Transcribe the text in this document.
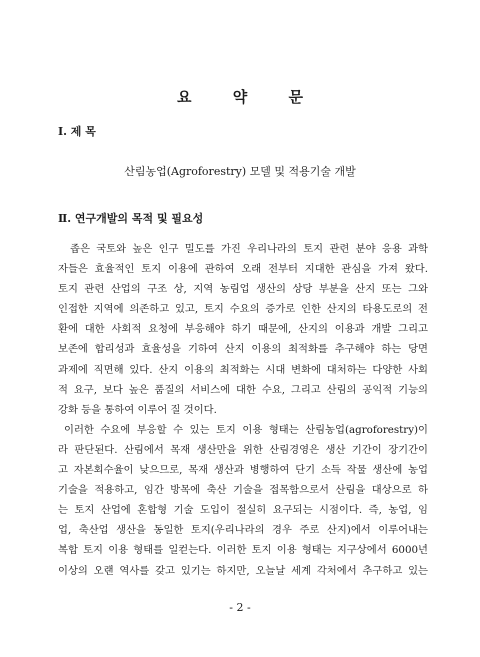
요 약 문
Ⅰ. 제 목
산림농업(Agroforestry) 모델 및 적용기술 개발
Ⅱ. 연구개발의 목적 및 필요성
좁은 국토와 높은 인구 밀도를 가진 우리나라의 토지 관련 분야 응용 과학
자들은 효율적인 토지 이용에 관하여 오래 전부터 지대한 관심을 가져 왔다.
토지 관련 산업의 구조 상, 지역 농림업 생산의 상당 부분을 산지 또는 그와
인접한 지역에 의존하고 있고, 토지 수요의 증가로 인한 산지의 타용도로의 전
환에 대한 사회적 요청에 부응해야 하기 때문에, 산지의 이용과 개발 그리고
보존에 합리성과 효율성을 기하여 산지 이용의 최적화를 추구해야 하는 당면
과제에 직면해 있다. 산지 이용의 최적화는 시대 변화에 대처하는 다양한 사회
적 요구, 보다 높은 품질의 서비스에 대한 수요, 그리고 산림의 공익적 기능의
강화 등을 통하여 이루어 질 것이다.
이러한 수요에 부응할 수 있는 토지 이용 형태는 산림농업(agroforestry)이
라 판단된다. 산림에서 목재 생산만을 위한 산림경영은 생산 기간이 장기간이
고 자본회수율이 낮으므로, 목재 생산과 병행하여 단기 소득 작물 생산에 농업
기술을 적용하고, 임간 방목에 축산 기술을 접목함으로서 산림을 대상으로 하
는 토지 산업에 혼합형 기술 도입이 절실히 요구되는 시점이다. 즉, 농업, 임
업, 축산업 생산을 동일한 토지(우리나라의 경우 주로 산지)에서 이루어내는
복합 토지 이용 형태를 일컫는다. 이러한 토지 이용 형태는 지구상에서 6000년
이상의 오랜 역사를 갖고 있기는 하지만, 오늘날 세계 각처에서 추구하고 있는
- 2 -
